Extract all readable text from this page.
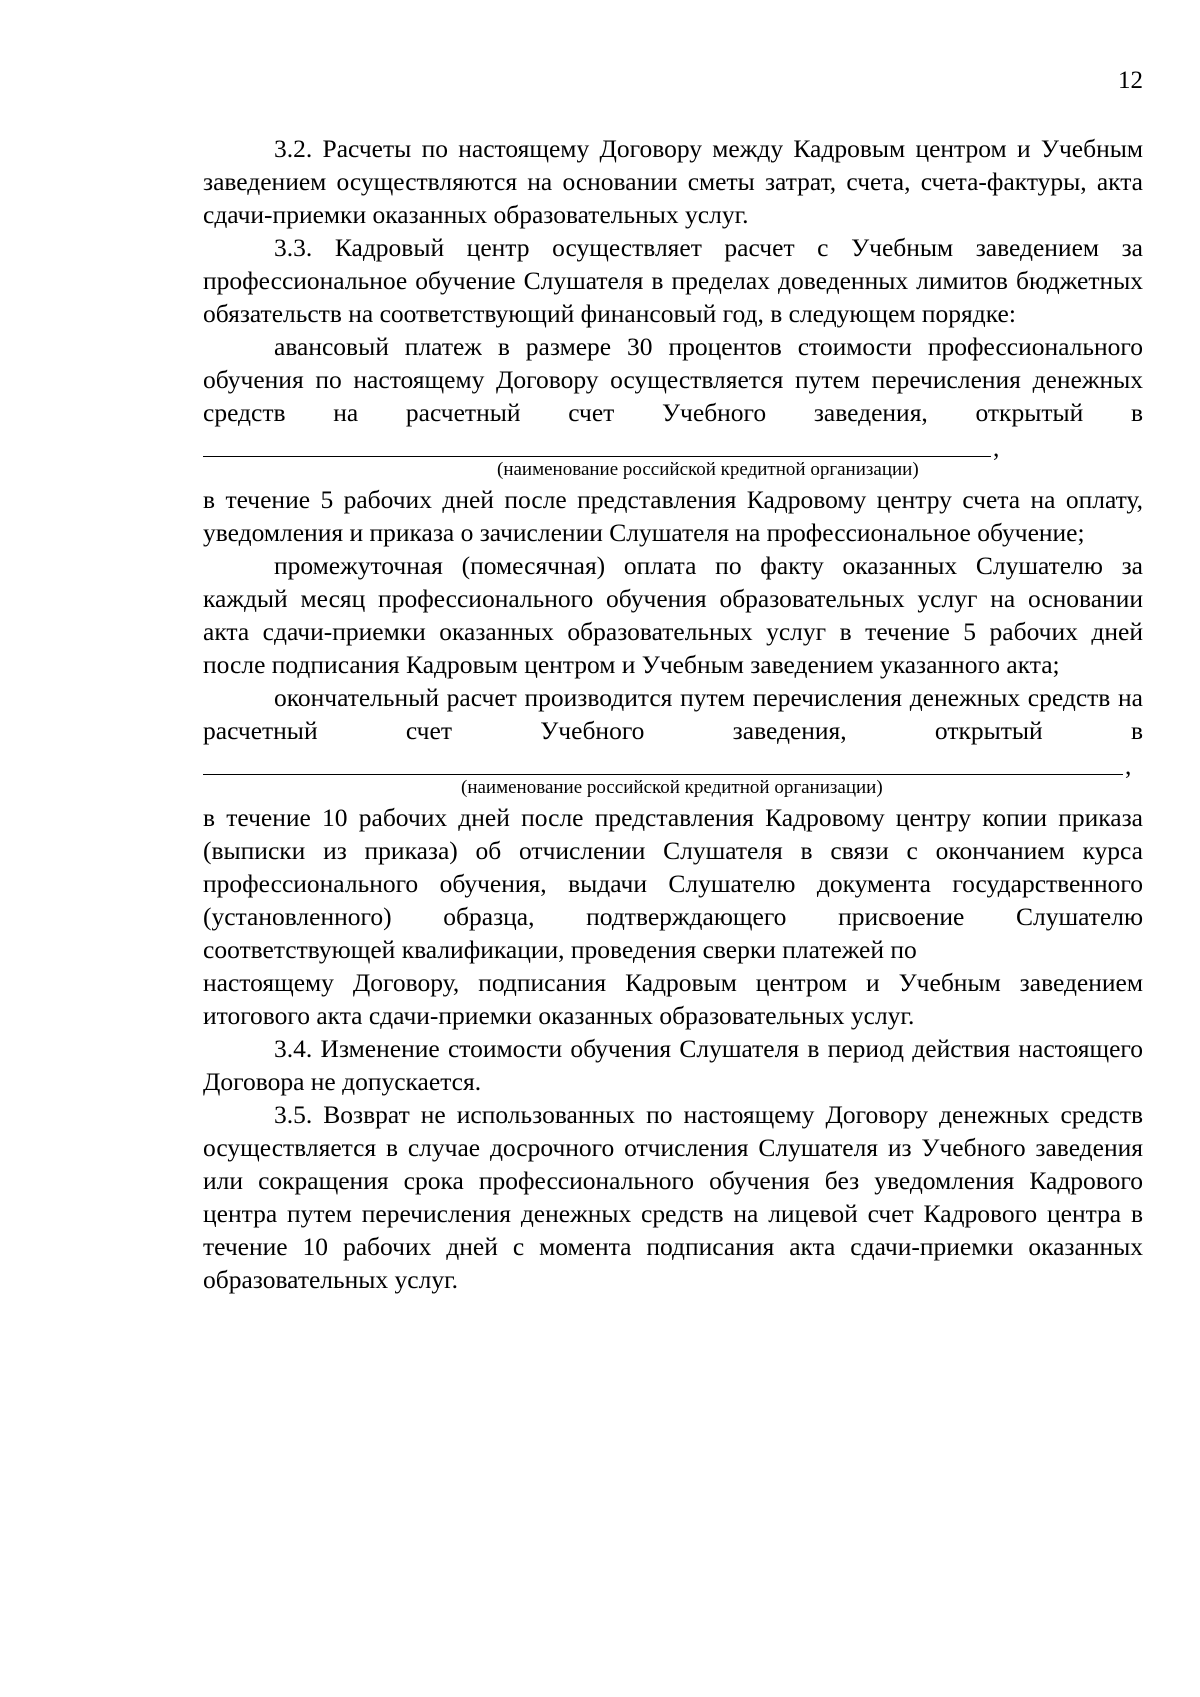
12

3.2. Расчеты по настоящему Договору между Кадровым центром и Учебным заведением осуществляются на основании сметы затрат, счета, счета-фактуры, акта сдачи-приемки оказанных образовательных услуг.

3.3. Кадровый центр осуществляет расчет с Учебным заведением за профессиональное обучение Слушателя в пределах доведенных лимитов бюджетных обязательств на соответствующий финансовый год, в следующем порядке:

авансовый платеж в размере 30 процентов стоимости профессионального обучения по настоящему Договору осуществляется путем перечисления денежных средств на расчетный счет Учебного заведения, открытый в

,
(наименование российской кредитной организации)

в течение 5 рабочих дней после представления Кадровому центру счета на оплату, уведомления и приказа о зачислении Слушателя на профессиональное обучение;

промежуточная (помесячная) оплата по факту оказанных Слушателю за каждый месяц профессионального обучения образовательных услуг на основании акта сдачи-приемки оказанных образовательных услуг в течение 5 рабочих дней после подписания Кадровым центром и Учебным заведением указанного акта;

окончательный расчет производится путем перечисления денежных средств на расчетный счет Учебного заведения, открытый в

,
(наименование российской кредитной организации)

в течение 10 рабочих дней после представления Кадровому центру копии приказа (выписки из приказа) об отчислении Слушателя в связи с окончанием курса профессионального обучения, выдачи Слушателю документа государственного (установленного) образца, подтверждающего присвоение Слушателю соответствующей квалификации, проведения сверки платежей по

настоящему Договору, подписания Кадровым центром и Учебным заведением итогового акта сдачи-приемки оказанных образовательных услуг.

3.4. Изменение стоимости обучения Слушателя в период действия настоящего Договора не допускается.

3.5. Возврат не использованных по настоящему Договору денежных средств осуществляется в случае досрочного отчисления Слушателя из Учебного заведения или сокращения срока профессионального обучения без уведомления Кадрового центра путем перечисления денежных средств на лицевой счет Кадрового центра в течение 10 рабочих дней с момента подписания акта сдачи-приемки оказанных образовательных услуг.
